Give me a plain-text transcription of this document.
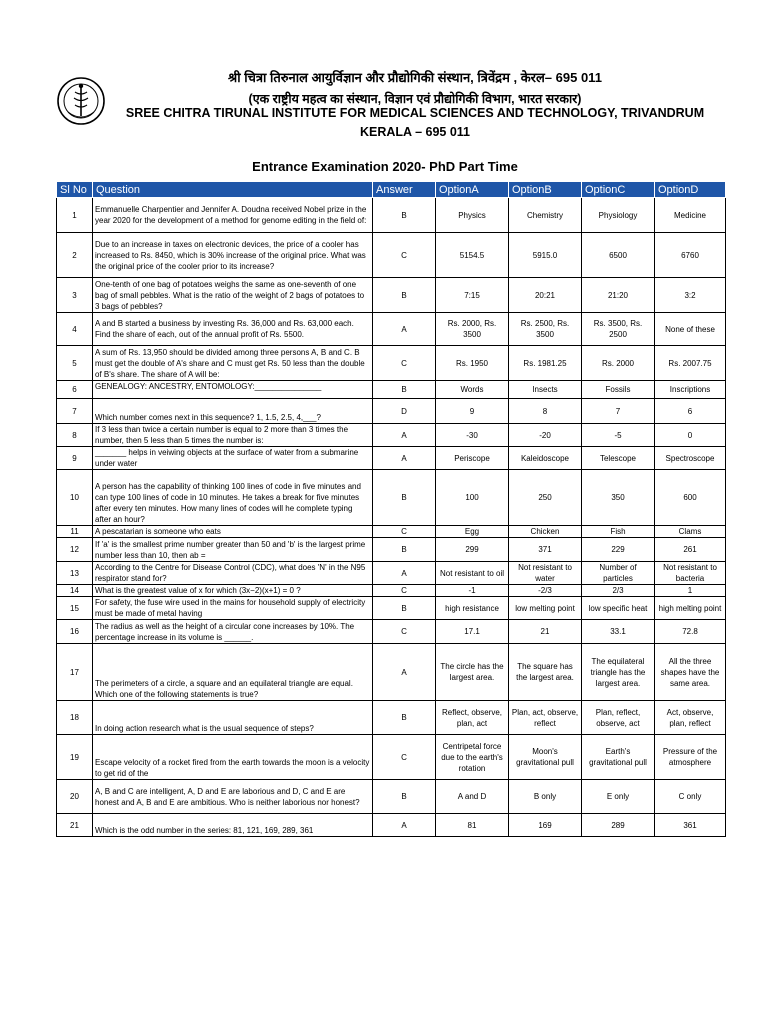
श्री चित्रा तिरुनाल आयुर्विज्ञान और प्रौद्योगिकी संस्थान, त्रिवेंद्रम , केरल– 695 011
(एक राष्ट्रीय महत्व का संस्थान, विज्ञान एवं प्रौद्योगिकी विभाग, भारत सरकार)
SREE CHITRA TIRUNAL INSTITUTE FOR MEDICAL SCIENCES AND TECHNOLOGY, TRIVANDRUM
KERALA – 695 011
Entrance Examination 2020- PhD Part Time
Sl No	Question	Answer	OptionA	OptionB	OptionC	OptionD
1	Emmanuelle Charpentier and Jennifer A. Doudna received Nobel prize in the year 2020 for the development of a method for genome editing in the field of:	B	Physics	Chemistry	Physiology	Medicine
2	Due to an increase in taxes on electronic devices, the price of a cooler has increased to Rs. 8450, which is 30% increase of the original price. What was the original price of the cooler prior to its increase?	C	5154.5	5915.0	6500	6760
3	One-tenth of one bag of potatoes weighs the same as one-seventh of one bag of small pebbles. What is the ratio of the weight of 2 bags of potatoes to 3 bags of pebbles?	B	7:15	20:21	21:20	3:2
4	A and B started a business by investing Rs. 36,000 and Rs. 63,000 each. Find the share of each, out of the annual profit of Rs. 5500.	A	Rs. 2000, Rs. 3500	Rs. 2500, Rs. 3500	Rs. 3500, Rs. 2500	None of these
5	A sum of Rs. 13,950 should be divided among three persons A, B and C. B must get the double of A's share and C must get Rs. 50 less than the double of B's share. The share of A will be:	C	Rs. 1950	Rs. 1981.25	Rs. 2000	Rs. 2007.75
6	GENEALOGY: ANCESTRY, ENTOMOLOGY:_______________	B	Words	Insects	Fossils	Inscriptions
7	Which number comes next in this sequence? 1, 1.5, 2.5, 4,___?	D	9	8	7	6
8	If 3 less than twice a certain number is equal to 2 more than 3 times the number, then 5 less than 5 times the number is:	A	-30	-20	-5	0
9	_______ helps in veiwing objects at the surface of water from a submarine under water	A	Periscope	Kaleidoscope	Telescope	Spectroscope
10	A person has the capability of thinking 100 lines of code in five minutes and can type 100 lines of code in 10 minutes. He takes a break for five minutes after every ten minutes. How many lines of codes will he complete typing after an hour?	B	100	250	350	600
11	A pescatarian is someone who eats	C	Egg	Chicken	Fish	Clams
12	If 'a' is the smallest prime number greater than 50 and 'b' is the largest prime number less than 10, then ab =	B	299	371	229	261
13	According to the Centre for Disease Control (CDC), what does 'N' in the N95 respirator stand for?	A	Not resistant to oil	Not resistant to water	Number of particles	Not resistant to bacteria
14	What is the greatest value of x for which (3x−2)(x+1) = 0 ?	C	-1	-2/3	2/3	1
15	For safety, the fuse wire used in the mains for household supply of electricity must be made of metal having	B	high resistance	low melting point	low specific heat	high melting point
16	The radius as well as the height of a circular cone increases by 10%. The percentage increase in its volume is ______.	C	17.1	21	33.1	72.8
17	The perimeters of a circle, a square and an equilateral triangle are equal. Which one of the following statements is true?	A	The circle has the largest area.	The square has the largest area.	The equilateral triangle has the largest area.	All the three shapes have the same area.
18	In doing action research what is the usual sequence of steps?	B	Reflect, observe, plan, act	Plan, act, observe, reflect	Plan, reflect, observe, act	Act, observe, plan, reflect
19	Escape velocity of a rocket fired from the earth towards the moon is a velocity to get rid of the	C	Centripetal force due to the earth's rotation	Moon's gravitational pull	Earth's gravitational pull	Pressure of the atmosphere
20	A, B and C are intelligent, A, D and E are laborious and D, C and E are honest and A, B and E are ambitious. Who is neither laborious nor honest?	B	A and D	B only	E only	C only
21	Which is the odd number in the series: 81, 121, 169, 289, 361	A	81	169	289	361
